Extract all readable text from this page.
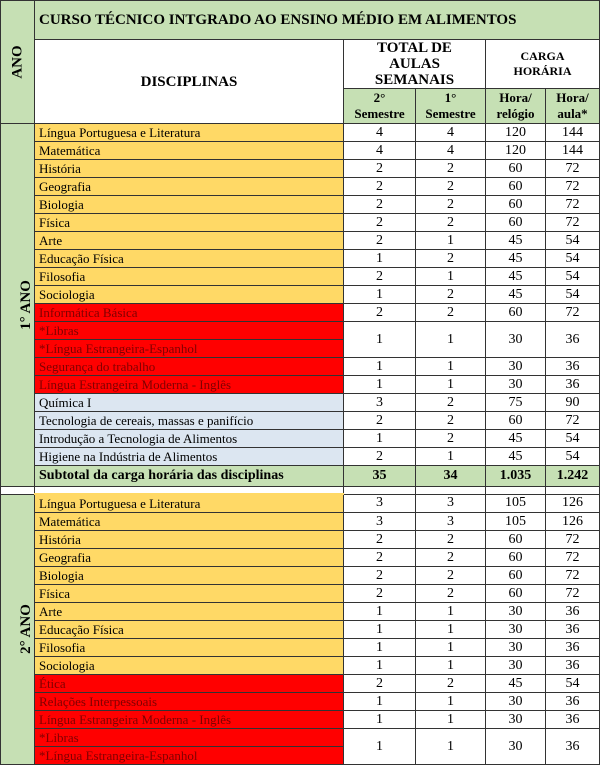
ANO	CURSO TÉCNICO INTGRADO AO ENSINO MÉDIO EM ALIMENTOS				
	DISCIPLINAS	TOTAL DE AULAS SEMANAIS		CARGA HORÁRIA	
		2° Semestre	1° Semestre	Hora/ relógio	Hora/ aula*
1° ANO	Língua Portuguesa e Literatura	4	4	120	144
	Matemática	4	4	120	144
	História	2	2	60	72
	Geografia	2	2	60	72
	Biologia	2	2	60	72
	Física	2	2	60	72
	Arte	2	1	45	54
	Educação Física	1	2	45	54
	Filosofia	2	1	45	54
	Sociologia	1	2	45	54
	Informática Básica	2	2	60	72
	*Libras	1	1	30	36
	*Língua Estrangeira-Espanhol				
	Segurança do trabalho	1	1	30	36
	Língua Estrangeira Moderna - Inglês	1	1	30	36
	Química I	3	2	75	90
	Tecnologia de cereais, massas e panifício	2	2	60	72
	Introdução a Tecnologia de Alimentos	1	2	45	54
	Higiene na Indústria de Alimentos	2	1	45	54
	Subtotal da carga horária das disciplinas	35	34	1.035	1.242

2° ANO	Língua Portuguesa e Literatura	3	3	105	126
	Matemática	3	3	105	126
	História	2	2	60	72
	Geografia	2	2	60	72
	Biologia	2	2	60	72
	Física	2	2	60	72
	Arte	1	1	30	36
	Educação Física	1	1	30	36
	Filosofia	1	1	30	36
	Sociologia	1	1	30	36
	Ética	2	2	45	54
	Relações Interpessoais	1	1	30	36
	Língua Estrangeira Moderna - Inglês	1	1	30	36
	*Libras	1	1	30	36
	*Língua Estrangeira-Espanhol				
